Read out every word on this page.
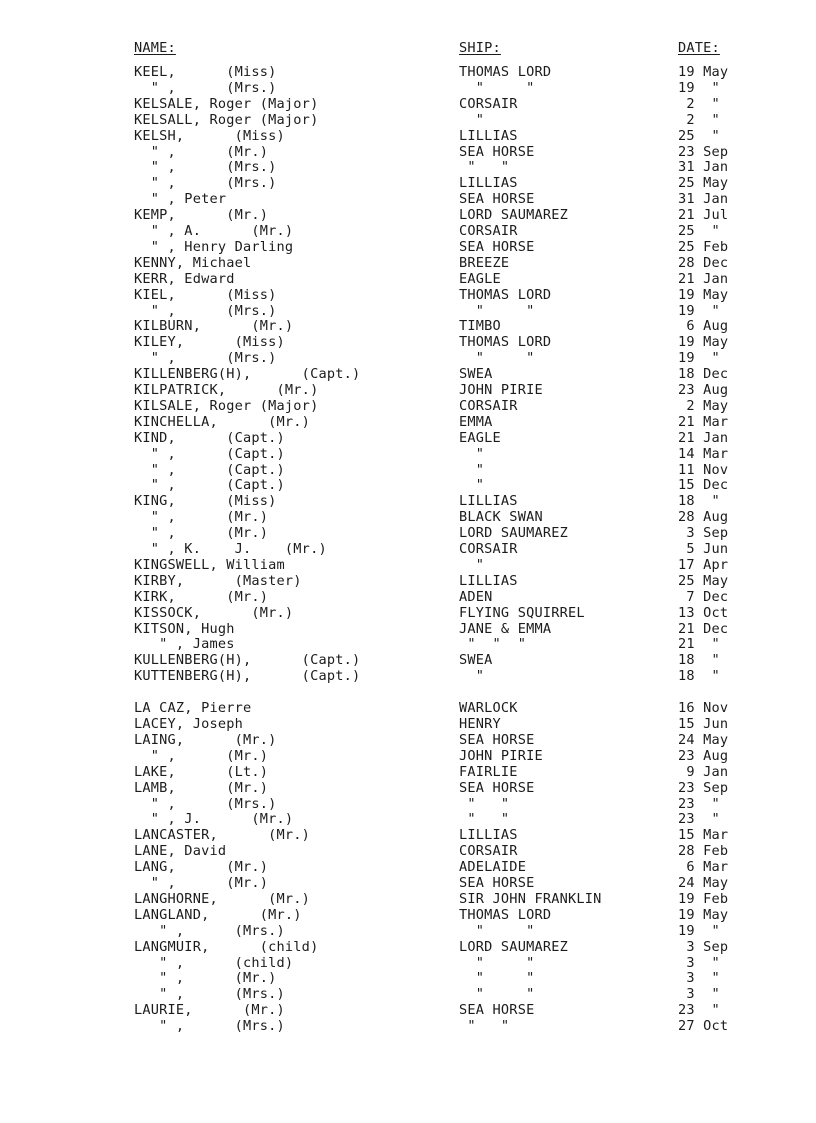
NAME:	SHIP:	DATE:
KEEL,      (Miss)	THOMAS LORD	19 May
" ,      (Mrs.)	"     "	19  "
KELSALE, Roger (Major)	CORSAIR	2  "
KELSALL, Roger (Major)	"	2  "
KELSH,      (Miss)	LILLIAS	25  "
" ,      (Mr.)	SEA HORSE	23 Sep
" ,      (Mrs.)	"   "	31 Jan
" ,      (Mrs.)	LILLIAS	25 May
" , Peter	SEA HORSE	31 Jan
KEMP,      (Mr.)	LORD SAUMAREZ	21 Jul
" , A.      (Mr.)	CORSAIR	25  "
" , Henry Darling	SEA HORSE	25 Feb
KENNY, Michael	BREEZE	28 Dec
KERR, Edward	EAGLE	21 Jan
KIEL,      (Miss)	THOMAS LORD	19 May
" ,      (Mrs.)	"     "	19  "
KILBURN,      (Mr.)	TIMBO	6 Aug
KILEY,      (Miss)	THOMAS LORD	19 May
" ,      (Mrs.)	"     "	19  "
KILLENBERG(H),      (Capt.)	SWEA	18 Dec
KILPATRICK,      (Mr.)	JOHN PIRIE	23 Aug
KILSALE, Roger (Major)	CORSAIR	2 May
KINCHELLA,      (Mr.)	EMMA	21 Mar
KIND,      (Capt.)	EAGLE	21 Jan
" ,      (Capt.)	"	14 Mar
" ,      (Capt.)	"	11 Nov
" ,      (Capt.)	"	15 Dec
KING,      (Miss)	LILLIAS	18  "
" ,      (Mr.)	BLACK SWAN	28 Aug
" ,      (Mr.)	LORD SAUMAREZ	3 Sep
" , K.    J.    (Mr.)	CORSAIR	5 Jun
KINGSWELL, William	"	17 Apr
KIRBY,      (Master)	LILLIAS	25 May
KIRK,      (Mr.)	ADEN	7 Dec
KISSOCK,      (Mr.)	FLYING SQUIRREL	13 Oct
KITSON, Hugh	JANE & EMMA	21 Dec
" , James	"  "  "	21  "
KULLENBERG(H),      (Capt.)	SWEA	18  "
KUTTENBERG(H),      (Capt.)	"	18  "
LA CAZ, Pierre	WARLOCK	16 Nov
LACEY, Joseph	HENRY	15 Jun
LAING,      (Mr.)	SEA HORSE	24 May
" ,      (Mr.)	JOHN PIRIE	23 Aug
LAKE,      (Lt.)	FAIRLIE	9 Jan
LAMB,      (Mr.)	SEA HORSE	23 Sep
" ,      (Mrs.)	"   "	23  "
" , J.      (Mr.)	"   "	23  "
LANCASTER,      (Mr.)	LILLIAS	15 Mar
LANE, David	CORSAIR	28 Feb
LANG,      (Mr.)	ADELAIDE	6 Mar
" ,      (Mr.)	SEA HORSE	24 May
LANGHORNE,      (Mr.)	SIR JOHN FRANKLIN	19 Feb
LANGLAND,      (Mr.)	THOMAS LORD	19 May
" ,      (Mrs.)	"     "	19  "
LANGMUIR,      (child)	LORD SAUMAREZ	3 Sep
" ,      (child)	"     "	3  "
" ,      (Mr.)	"     "	3  "
" ,      (Mrs.)	"     "	3  "
LAURIE,      (Mr.)	SEA HORSE	23  "
" ,      (Mrs.)	"   "	27 Oct
